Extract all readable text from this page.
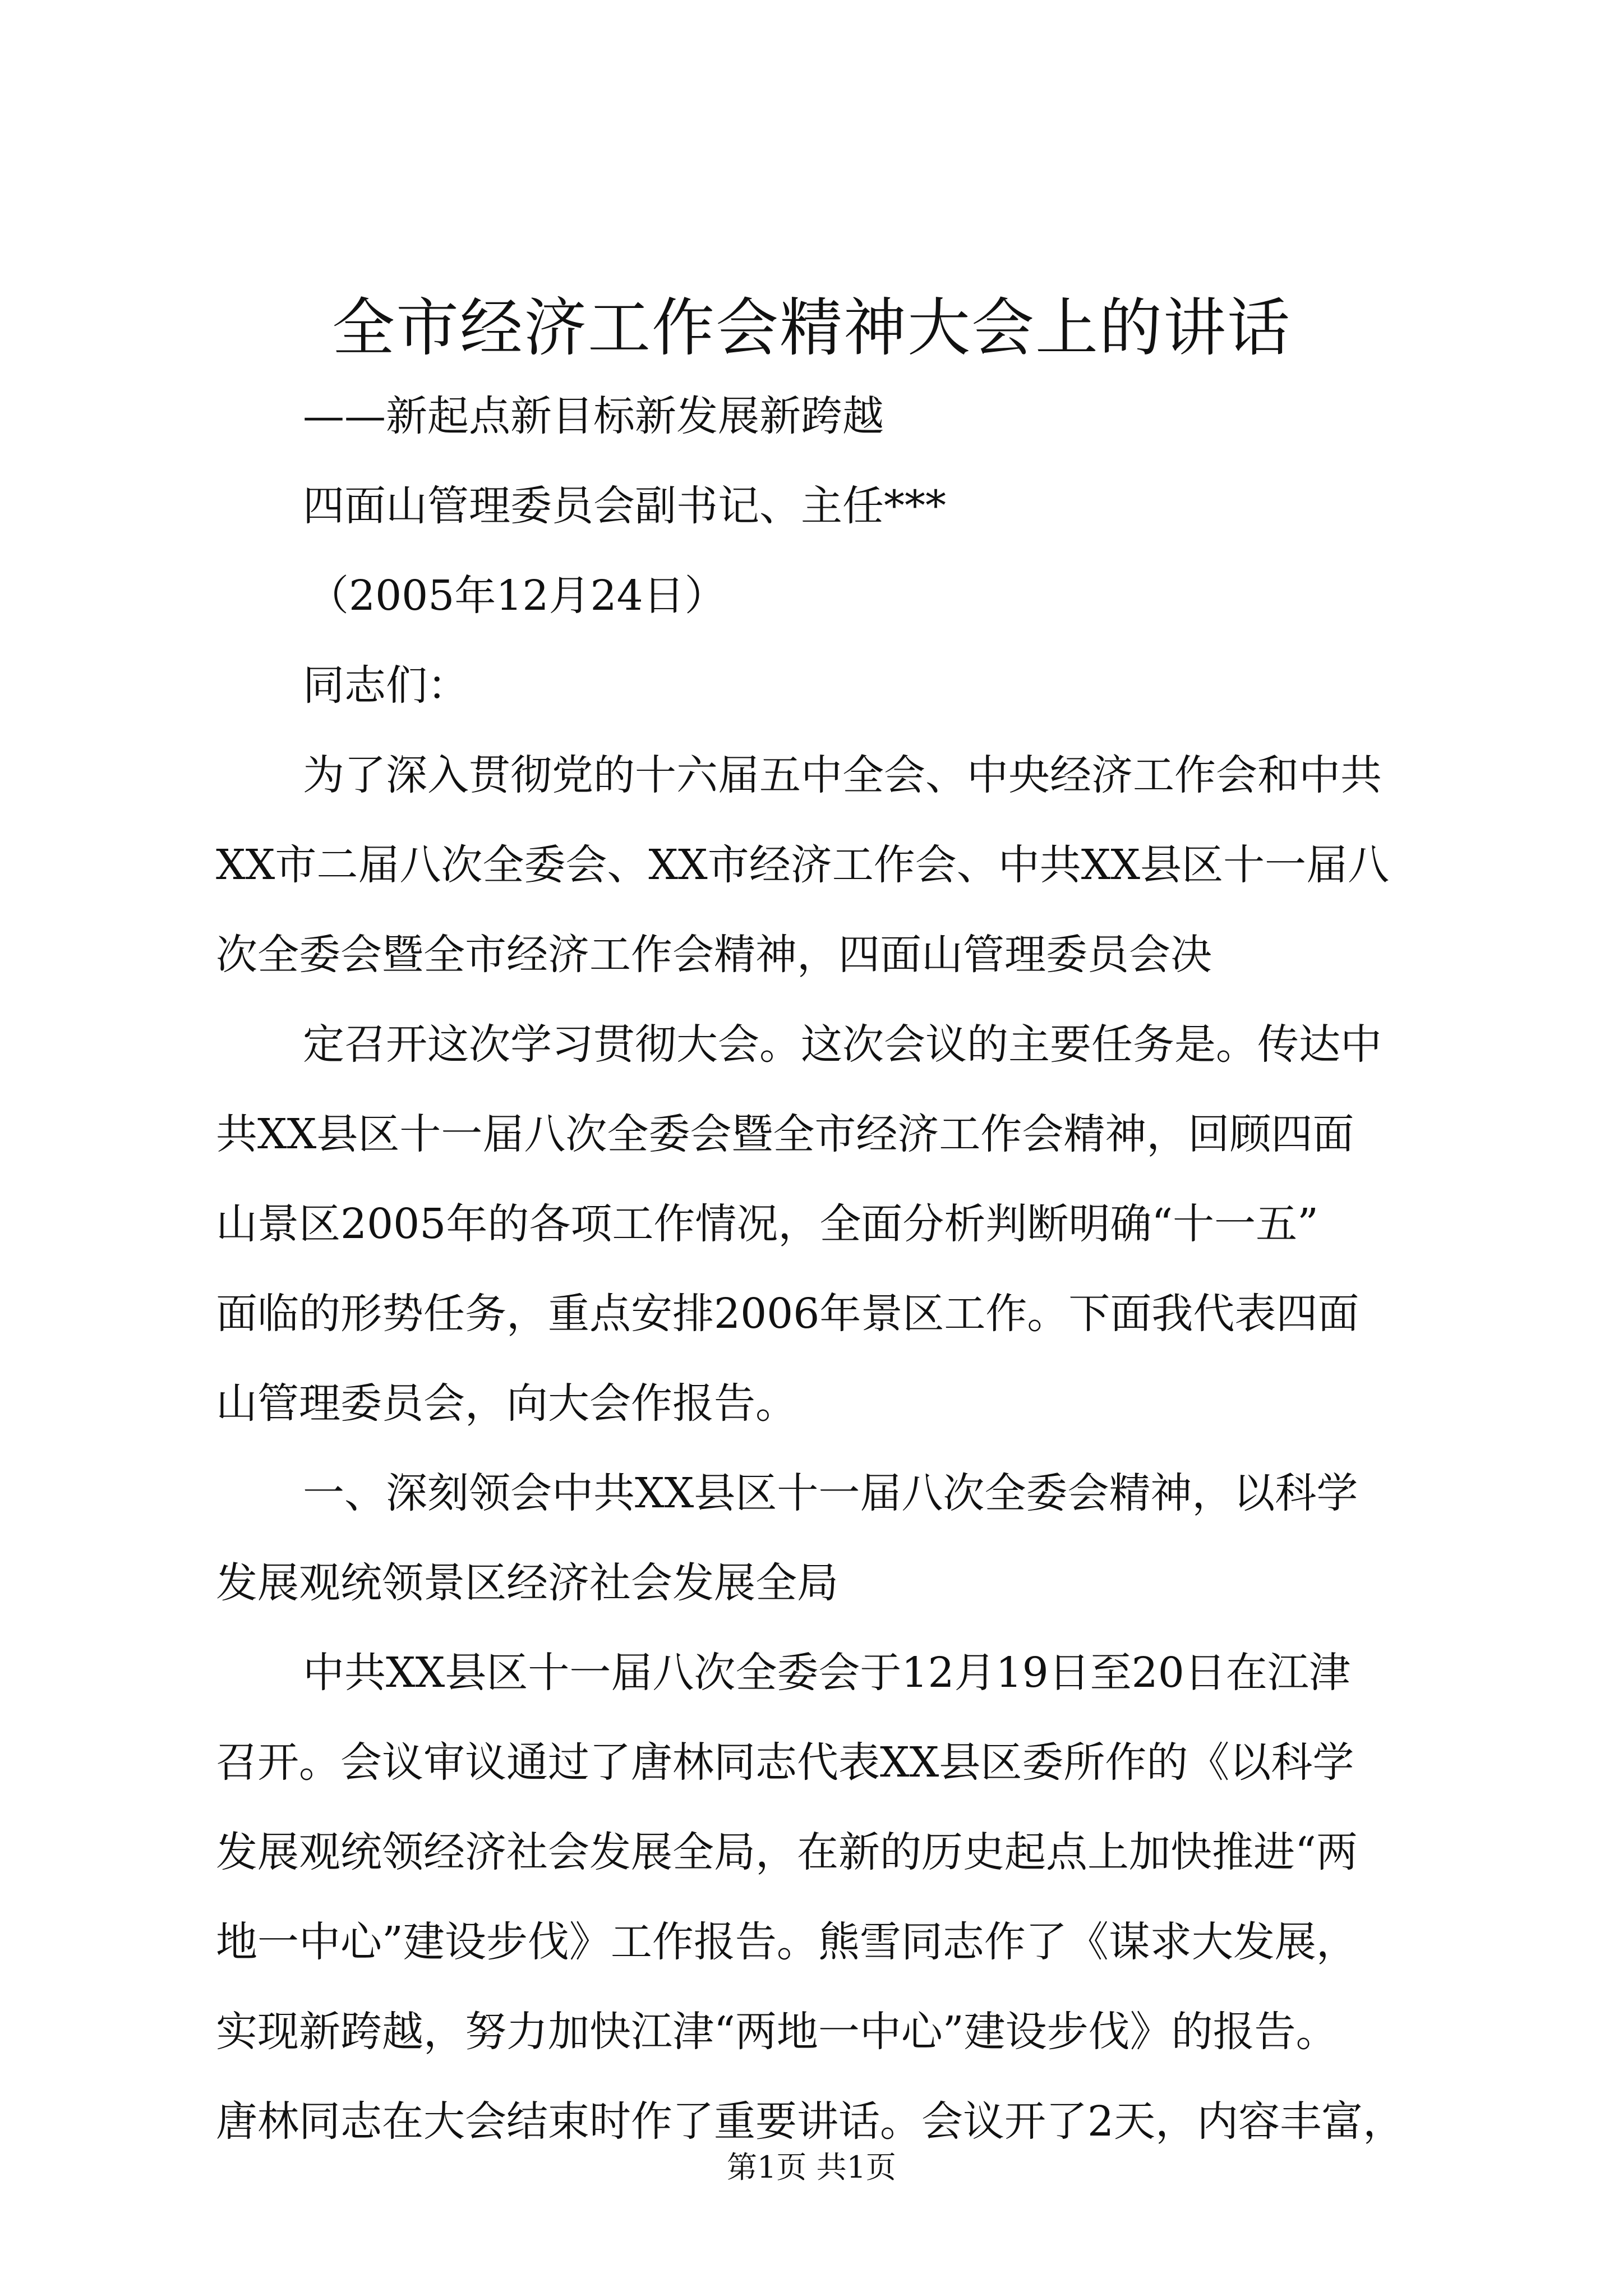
全市经济工作会精神大会上的讲话
——新起点新目标新发展新跨越
四面山管理委员会副书记、主任***
（2005年12月24日）
同志们：
为了深入贯彻党的十六届五中全会、中央经济工作会和中共
XX市二届八次全委会、XX市经济工作会、中共XX县区十一届八
次全委会暨全市经济工作会精神，四面山管理委员会决
定召开这次学习贯彻大会。这次会议的主要任务是。传达中
共XX县区十一届八次全委会暨全市经济工作会精神，回顾四面
山景区2005年的各项工作情况，全面分析判断明确“十一五”
面临的形势任务，重点安排2006年景区工作。下面我代表四面
山管理委员会，向大会作报告。
一、深刻领会中共XX县区十一届八次全委会精神，以科学
发展观统领景区经济社会发展全局
中共XX县区十一届八次全委会于12月19日至20日在江津
召开。会议审议通过了唐林同志代表XX县区委所作的《以科学
发展观统领经济社会发展全局，在新的历史起点上加快推进“两
地一中心”建设步伐》工作报告。熊雪同志作了《谋求大发展，
实现新跨越，努力加快江津“两地一中心”建设步伐》的报告。
唐林同志在大会结束时作了重要讲话。会议开了2天，内容丰富，
第1页 共1页
